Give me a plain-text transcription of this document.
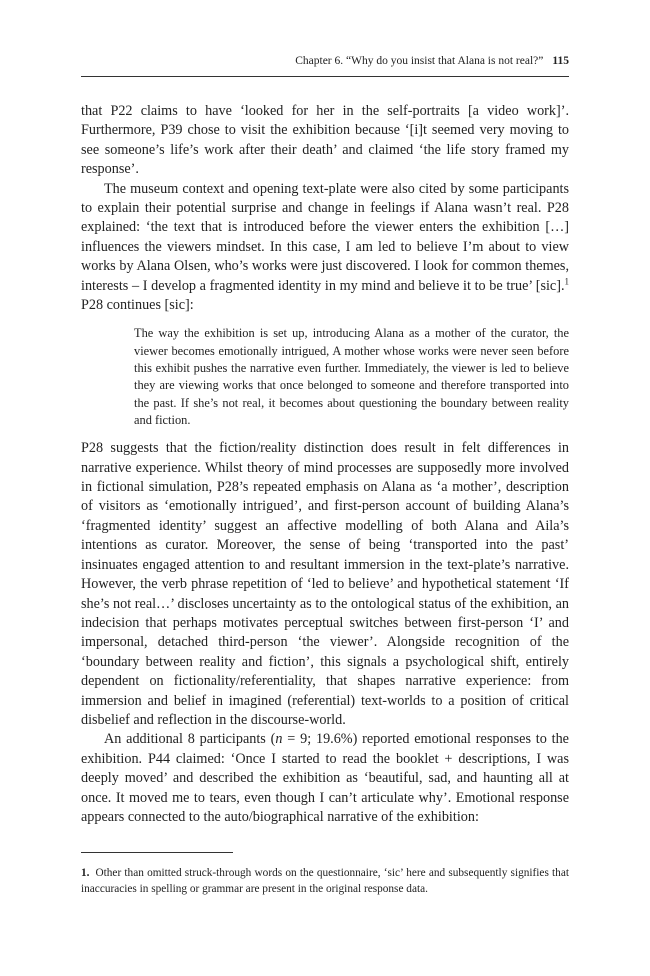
Chapter 6. “Why do you insist that Alana is not real?” 115

that P22 claims to have ‘looked for her in the self-portraits [a video work]’. Furthermore, P39 chose to visit the exhibition because ‘[i]t seemed very moving to see someone’s life’s work after their death’ and claimed ‘the life story framed my response’.

The museum context and opening text-plate were also cited by some participants to explain their potential surprise and change in feelings if Alana wasn’t real. P28 explained: ‘the text that is introduced before the viewer enters the exhibition […] influences the viewers mindset. In this case, I am led to believe I’m about to view works by Alana Olsen, who’s works were just discovered. I look for common themes, interests – I develop a fragmented identity in my mind and believe it to be true’ [sic].$^1$ P28 continues [sic]:

The way the exhibition is set up, introducing Alana as a mother of the curator, the viewer becomes emotionally intrigued, A mother whose works were never seen before this exhibit pushes the narrative even further. Immediately, the viewer is led to believe they are viewing works that once belonged to someone and therefore transported into the past. If she’s not real, it becomes about questioning the boundary between reality and fiction.

P28 suggests that the fiction/reality distinction does result in felt differences in narrative experience. Whilst theory of mind processes are supposedly more involved in fictional simulation, P28’s repeated emphasis on Alana as ‘a mother’, description of visitors as ‘emotionally intrigued’, and first-person account of building Alana’s ‘fragmented identity’ suggest an affective modelling of both Alana and Aila’s intentions as curator. Moreover, the sense of being ‘transported into the past’ insinuates engaged attention to and resultant immersion in the text-plate’s narrative. However, the verb phrase repetition of ‘led to believe’ and hypothetical statement ‘If she’s not real…’ discloses uncertainty as to the ontological status of the exhibition, an indecision that perhaps motivates perceptual switches between first-person ‘I’ and impersonal, detached third-person ‘the viewer’. Alongside recognition of the ‘boundary between reality and fiction’, this signals a psychological shift, entirely dependent on fictionality/referentiality, that shapes narrative experience: from immersion and belief in imagined (referential) text-worlds to a position of critical disbelief and reflection in the discourse-world.

An additional 8 participants (n = 9; 19.6%) reported emotional responses to the exhibition. P44 claimed: ‘Once I started to read the booklet + descriptions, I was deeply moved’ and described the exhibition as ‘beautiful, sad, and haunting all at once. It moved me to tears, even though I can’t articulate why’. Emotional response appears connected to the auto/biographical narrative of the exhibition:

1. Other than omitted struck-through words on the questionnaire, ‘sic’ here and subsequently signifies that inaccuracies in spelling or grammar are present in the original response data.
